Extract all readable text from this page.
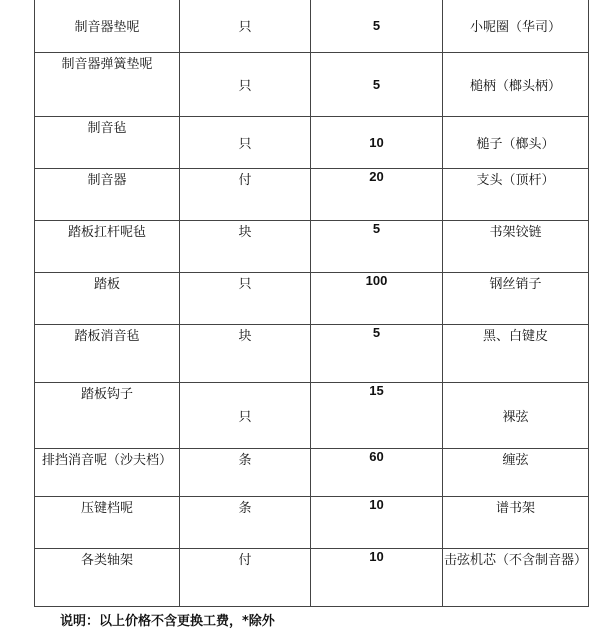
制音器垫呢	只	5	小呢圈（华司）
制音器弹簧垫呢	只	5	槌柄（榔头柄）
制音毡	只	10	槌子（榔头）
制音器	付	20	支头（顶杆）
踏板扛杆呢毡	块	5	书架铰链
踏板	只	100	钢丝销子
踏板消音毡	块	5	黑、白键皮
踏板钩子	只	15	裸弦
排挡消音呢（沙夫档）	条	60	缠弦
压键档呢	条	10	谱书架
各类轴架	付	10	击弦机芯（不含制音器）
说明：以上价格不含更换工费，*除外
